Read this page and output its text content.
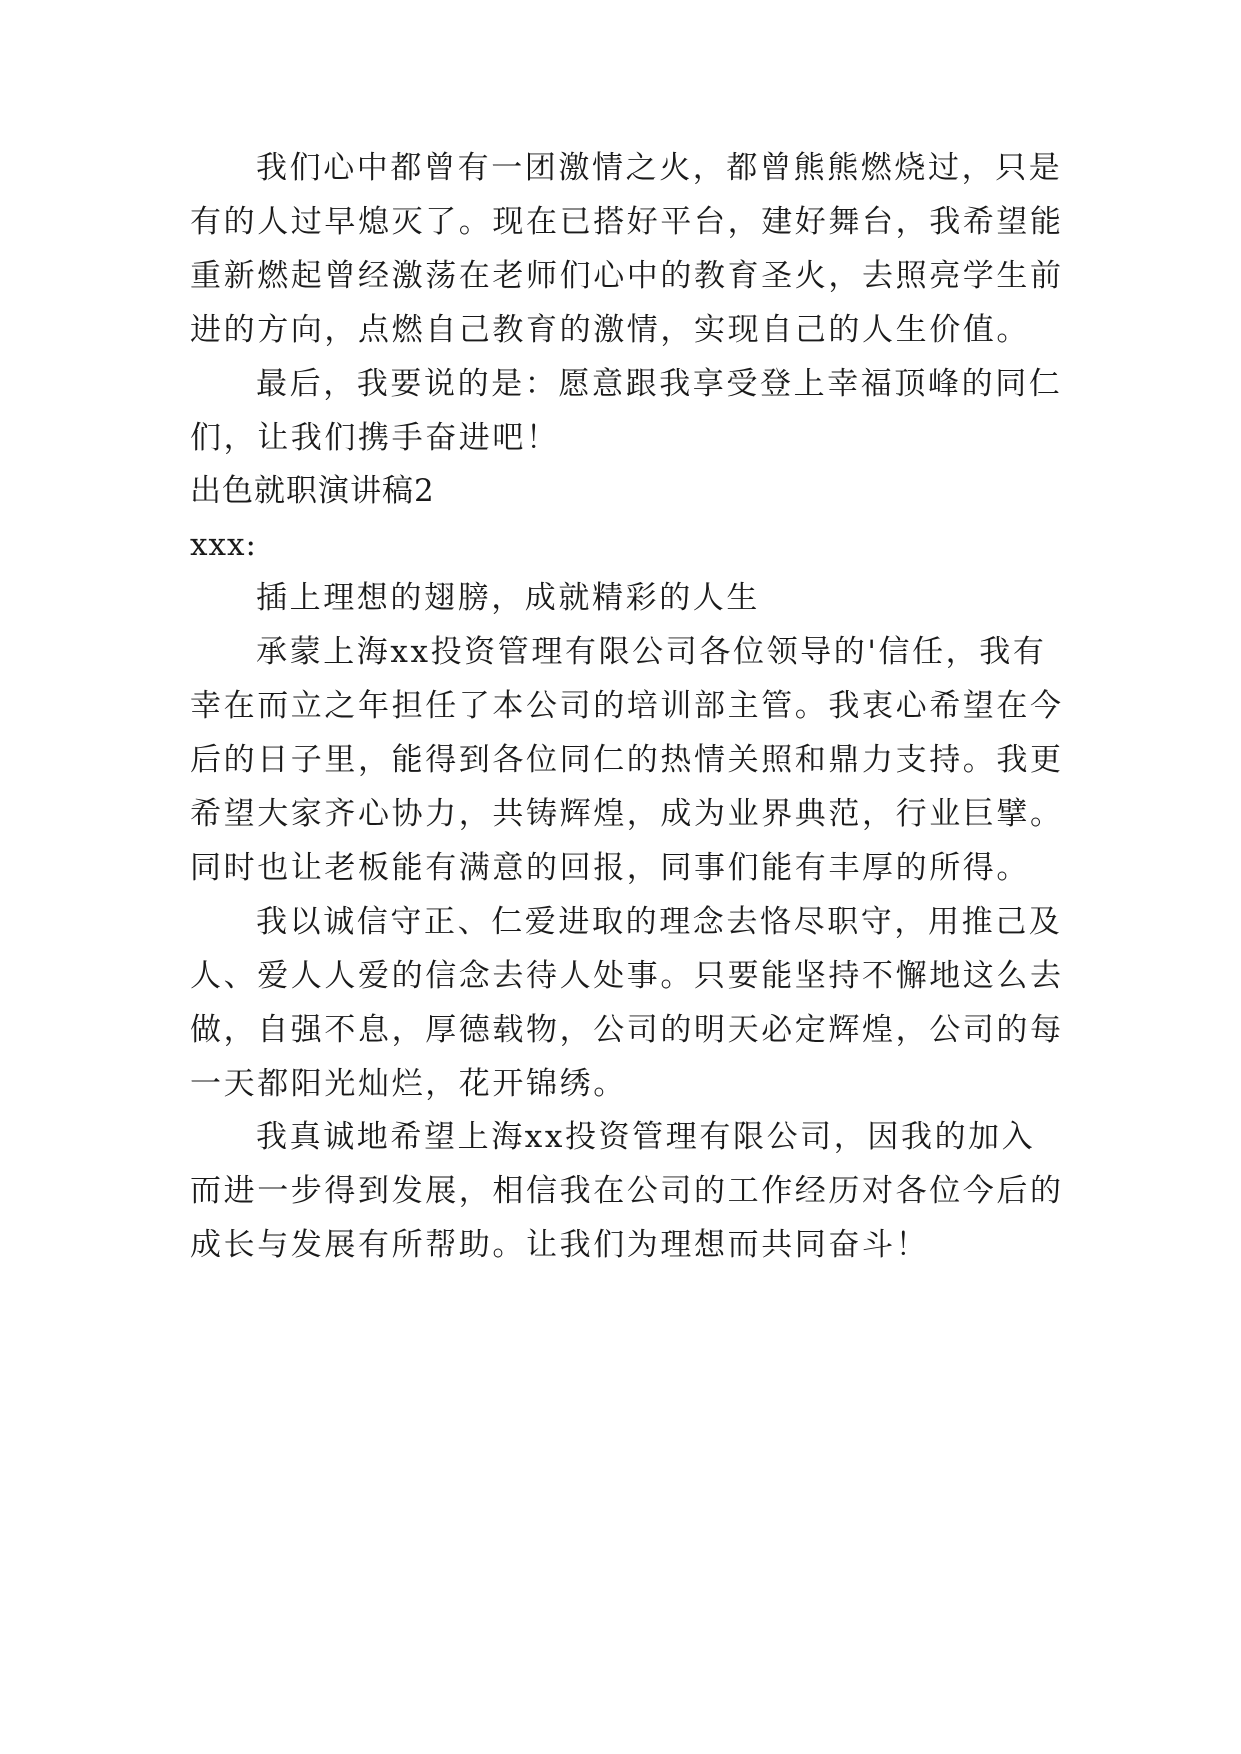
我们心中都曾有一团激情之火，都曾熊熊燃烧过，只是
有的人过早熄灭了。现在已搭好平台，建好舞台，我希望能
重新燃起曾经激荡在老师们心中的教育圣火，去照亮学生前
进的方向，点燃自己教育的激情，实现自己的人生价值。
最后，我要说的是：愿意跟我享受登上幸福顶峰的同仁
们，让我们携手奋进吧！
出色就职演讲稿2
xxx:
插上理想的翅膀，成就精彩的人生
承蒙上海xx投资管理有限公司各位领导的'信任，我有
幸在而立之年担任了本公司的培训部主管。我衷心希望在今
后的日子里，能得到各位同仁的热情关照和鼎力支持。我更
希望大家齐心协力，共铸辉煌，成为业界典范，行业巨擘。
同时也让老板能有满意的回报，同事们能有丰厚的所得。
我以诚信守正、仁爱进取的理念去恪尽职守，用推己及
人、爱人人爱的信念去待人处事。只要能坚持不懈地这么去
做，自强不息，厚德载物，公司的明天必定辉煌，公司的每
一天都阳光灿烂，花开锦绣。
我真诚地希望上海xx投资管理有限公司，因我的加入
而进一步得到发展，相信我在公司的工作经历对各位今后的
成长与发展有所帮助。让我们为理想而共同奋斗！
